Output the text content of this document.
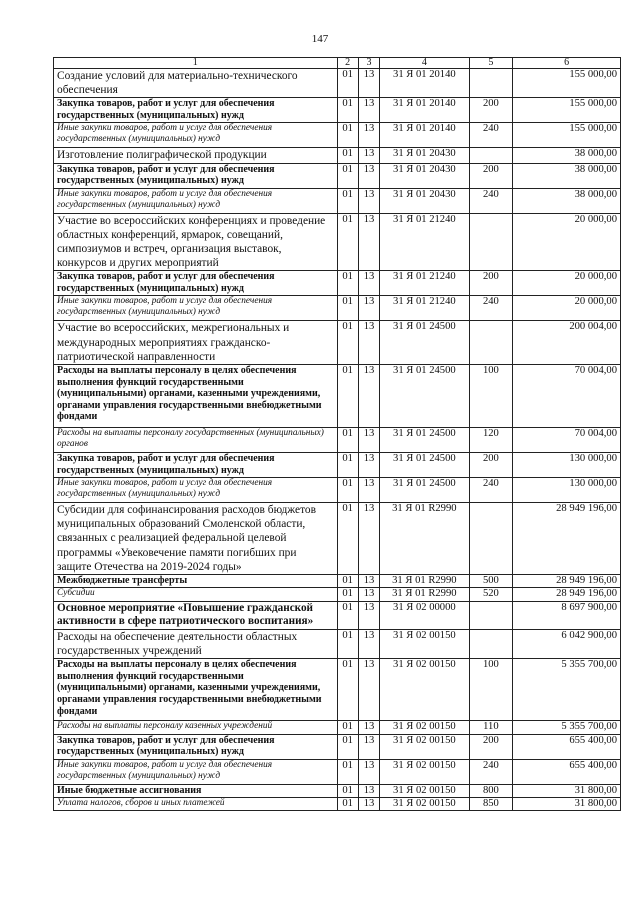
147
1	2	3	4	5	6
Создание условий для материально-технического обеспечения	01	13	31 Я 01 20140		155 000,00
Закупка товаров, работ и услуг для обеспечения государственных (муниципальных) нужд	01	13	31 Я 01 20140	200	155 000,00
Иные закупки товаров, работ и услуг для обеспечения государственных (муниципальных) нужд	01	13	31 Я 01 20140	240	155 000,00
Изготовление полиграфической продукции	01	13	31 Я 01 20430		38 000,00
Закупка товаров, работ и услуг для обеспечения государственных (муниципальных) нужд	01	13	31 Я 01 20430	200	38 000,00
Иные закупки товаров, работ и услуг для обеспечения государственных (муниципальных) нужд	01	13	31 Я 01 20430	240	38 000,00
Участие во всероссийских конференциях и проведение областных конференций, ярмарок, совещаний, симпозиумов и встреч, организация выставок, конкурсов и других мероприятий	01	13	31 Я 01 21240		20 000,00
Закупка товаров, работ и услуг для обеспечения государственных (муниципальных) нужд	01	13	31 Я 01 21240	200	20 000,00
Иные закупки товаров, работ и услуг для обеспечения государственных (муниципальных) нужд	01	13	31 Я 01 21240	240	20 000,00
Участие во всероссийских, межрегиональных и международных мероприятиях гражданско-патриотической направленности	01	13	31 Я 01 24500		200 004,00
Расходы на выплаты персоналу в целях обеспечения выполнения функций государственными (муниципальными) органами, казенными учреждениями, органами управления государственными внебюджетными фондами	01	13	31 Я 01 24500	100	70 004,00
Расходы на выплаты персоналу государственных (муниципальных) органов	01	13	31 Я 01 24500	120	70 004,00
Закупка товаров, работ и услуг для обеспечения государственных (муниципальных) нужд	01	13	31 Я 01 24500	200	130 000,00
Иные закупки товаров, работ и услуг для обеспечения государственных (муниципальных) нужд	01	13	31 Я 01 24500	240	130 000,00
Субсидии для софинансирования расходов бюджетов муниципальных образований Смоленской области, связанных с реализацией федеральной целевой программы «Увековечение памяти погибших при защите Отечества на 2019-2024 годы»	01	13	31 Я 01 R2990		28 949 196,00
Межбюджетные трансферты	01	13	31 Я 01 R2990	500	28 949 196,00
Субсидии	01	13	31 Я 01 R2990	520	28 949 196,00
Основное мероприятие «Повышение гражданской активности в сфере патриотического воспитания»	01	13	31 Я 02 00000		8 697 900,00
Расходы на обеспечение деятельности областных государственных учреждений	01	13	31 Я 02 00150		6 042 900,00
Расходы на выплаты персоналу в целях обеспечения выполнения функций государственными (муниципальными) органами, казенными учреждениями, органами управления государственными внебюджетными фондами	01	13	31 Я 02 00150	100	5 355 700,00
Расходы на выплаты персоналу казенных учреждений	01	13	31 Я 02 00150	110	5 355 700,00
Закупка товаров, работ и услуг для обеспечения государственных (муниципальных) нужд	01	13	31 Я 02 00150	200	655 400,00
Иные закупки товаров, работ и услуг для обеспечения государственных (муниципальных) нужд	01	13	31 Я 02 00150	240	655 400,00
Иные бюджетные ассигнования	01	13	31 Я 02 00150	800	31 800,00
Уплата налогов, сборов и иных платежей	01	13	31 Я 02 00150	850	31 800,00
